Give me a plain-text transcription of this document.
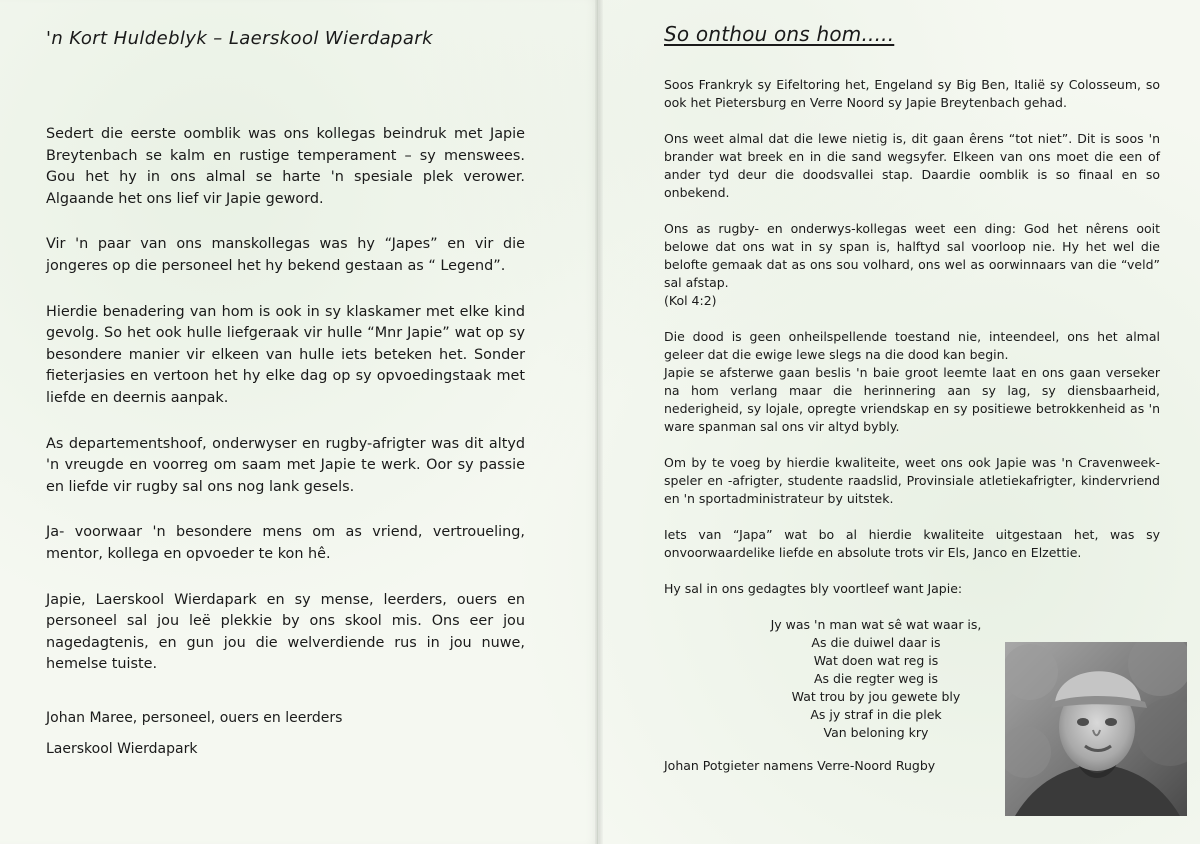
'n Kort Huldeblyk – Laerskool Wierdapark

Sedert die eerste oomblik was ons kollegas beindruk met Japie Breytenbach se kalm en rustige temperament – sy menswees. Gou het hy in ons almal se harte 'n spesiale plek verower. Algaande het ons lief vir Japie geword.

Vir 'n paar van ons manskollegas was hy “Japes” en vir die jongeres op die personeel het hy bekend gestaan as “ Legend”.

Hierdie benadering van hom is ook in sy klaskamer met elke kind gevolg. So het ook hulle liefgeraak vir hulle “Mnr Japie” wat op sy besondere manier vir elkeen van hulle iets beteken het. Sonder fieterjasies en vertoon het hy elke dag op sy opvoedingstaak met liefde en deernis aanpak.

As departementshoof, onderwyser en rugby-afrigter was dit altyd 'n vreugde en voorreg om saam met Japie te werk. Oor sy passie en liefde vir rugby sal ons nog lank gesels.

Ja- voorwaar 'n besondere mens om as vriend, vertroueling, mentor, kollega en opvoeder te kon hê.

Japie, Laerskool Wierdapark en sy mense, leerders, ouers en personeel sal jou leë plekkie by ons skool mis. Ons eer jou nagedagtenis, en gun jou die welverdiende rus in jou nuwe, hemelse tuiste.

Johan Maree, personeel, ouers en leerders
Laerskool Wierdapark
So onthou ons hom.....

Soos Frankryk sy Eifeltoring het, Engeland sy Big Ben, Italië sy Colosseum, so ook het Pietersburg en Verre Noord sy Japie Breytenbach gehad.

Ons weet almal dat die lewe nietig is, dit gaan êrens “tot niet”. Dit is soos 'n brander wat breek en in die sand wegsyfer. Elkeen van ons moet die een of ander tyd deur die doodsvallei stap. Daardie oomblik is so finaal en so onbekend.

Ons as rugby- en onderwys-kollegas weet een ding: God het nêrens ooit belowe dat ons wat in sy span is, halftyd sal voorloop nie. Hy het wel die belofte gemaak dat as ons sou volhard, ons wel as oorwinnaars van die “veld” sal afstap.
(Kol 4:2)

Die dood is geen onheilspellende toestand nie, inteendeel, ons het almal geleer dat die ewige lewe slegs na die dood kan begin.
Japie se afsterwe gaan beslis 'n baie groot leemte laat en ons gaan verseker na hom verlang maar die herinnering aan sy lag, sy diensbaarheid, nederigheid, sy lojale, opregte vriendskap en sy positiewe betrokkenheid as 'n ware spanman sal ons vir altyd bybly.

Om by te voeg by hierdie kwaliteite, weet ons ook Japie was 'n Cravenweek-speler en -afrigter, studente raadslid, Provinsiale atletiekafrigter, kindervriend en 'n sportadministrateur by uitstek.

Iets van “Japa” wat bo al hierdie kwaliteite uitgestaan het, was sy onvoorwaardelike liefde en absolute trots vir Els, Janco en Elzettie.

Hy sal in ons gedagtes bly voortleef want Japie:

Jy was 'n man wat sê wat waar is,
As die duiwel daar is
Wat doen wat reg is
As die regter weg is
Wat trou by jou gewete bly
As jy straf in die plek
Van beloning kry
Johan Potgieter namens Verre-Noord Rugby
